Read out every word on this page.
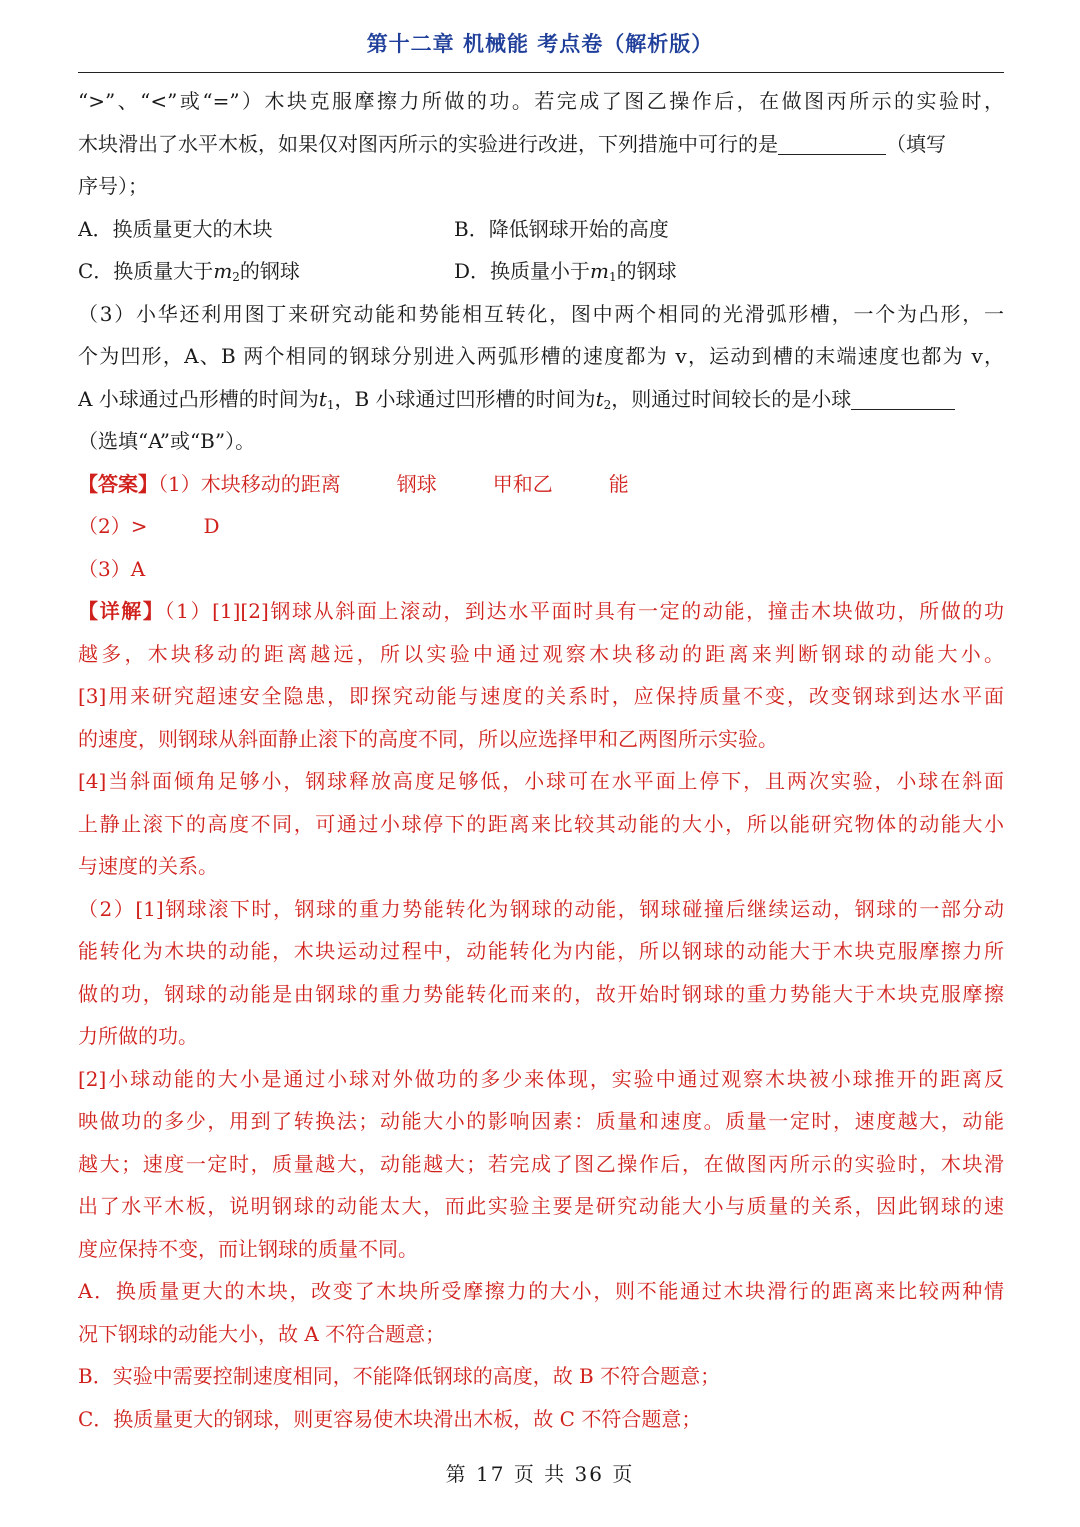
第十二章 机械能 考点卷（解析版）
“>”、“<”或“=”）木块克服摩擦力所做的功。若完成了图乙操作后，在做图丙所示的实验时，
木块滑出了水平木板，如果仅对图丙所示的实验进行改进，下列措施中可行的是	（填写
序号）；
A．换质量更大的木块	B．降低钢球开始的高度
C．换质量大于$m_2$的钢球	D．换质量小于$m_1$的钢球
（3）小华还利用图丁来研究动能和势能相互转化，图中两个相同的光滑弧形槽，一个为凸形，一
个为凹形，A、B 两个相同的钢球分别进入两弧形槽的速度都为 v，运动到槽的末端速度也都为 v，
A 小球通过凸形槽的时间为$t_1$，B 小球通过凹形槽的时间为$t_2$，则通过时间较长的是小球
（选填“A”或“B”）。
【答案】（1）木块移动的距离	钢球	甲和乙	能
（2）>	D
（3）A
【详解】（1）[1][2]钢球从斜面上滚动，到达水平面时具有一定的动能，撞击木块做功，所做的功
越多，木块移动的距离越远，所以实验中通过观察木块移动的距离来判断钢球的动能大小。
[3]用来研究超速安全隐患，即探究动能与速度的关系时，应保持质量不变，改变钢球到达水平面
的速度，则钢球从斜面静止滚下的高度不同，所以应选择甲和乙两图所示实验。
[4]当斜面倾角足够小，钢球释放高度足够低，小球可在水平面上停下，且两次实验，小球在斜面
上静止滚下的高度不同，可通过小球停下的距离来比较其动能的大小，所以能研究物体的动能大小
与速度的关系。
（2）[1]钢球滚下时，钢球的重力势能转化为钢球的动能，钢球碰撞后继续运动，钢球的一部分动
能转化为木块的动能，木块运动过程中，动能转化为内能，所以钢球的动能大于木块克服摩擦力所
做的功，钢球的动能是由钢球的重力势能转化而来的，故开始时钢球的重力势能大于木块克服摩擦
力所做的功。
[2]小球动能的大小是通过小球对外做功的多少来体现，实验中通过观察木块被小球推开的距离反
映做功的多少，用到了转换法；动能大小的影响因素：质量和速度。质量一定时，速度越大，动能
越大；速度一定时，质量越大，动能越大；若完成了图乙操作后，在做图丙所示的实验时，木块滑
出了水平木板，说明钢球的动能太大，而此实验主要是研究动能大小与质量的关系，因此钢球的速
度应保持不变，而让钢球的质量不同。
A．换质量更大的木块，改变了木块所受摩擦力的大小，则不能通过木块滑行的距离来比较两种情
况下钢球的动能大小，故 A 不符合题意；
B．实验中需要控制速度相同，不能降低钢球的高度，故 B 不符合题意；
C．换质量更大的钢球，则更容易使木块滑出木板，故 C 不符合题意；
第 17 页 共 36 页
